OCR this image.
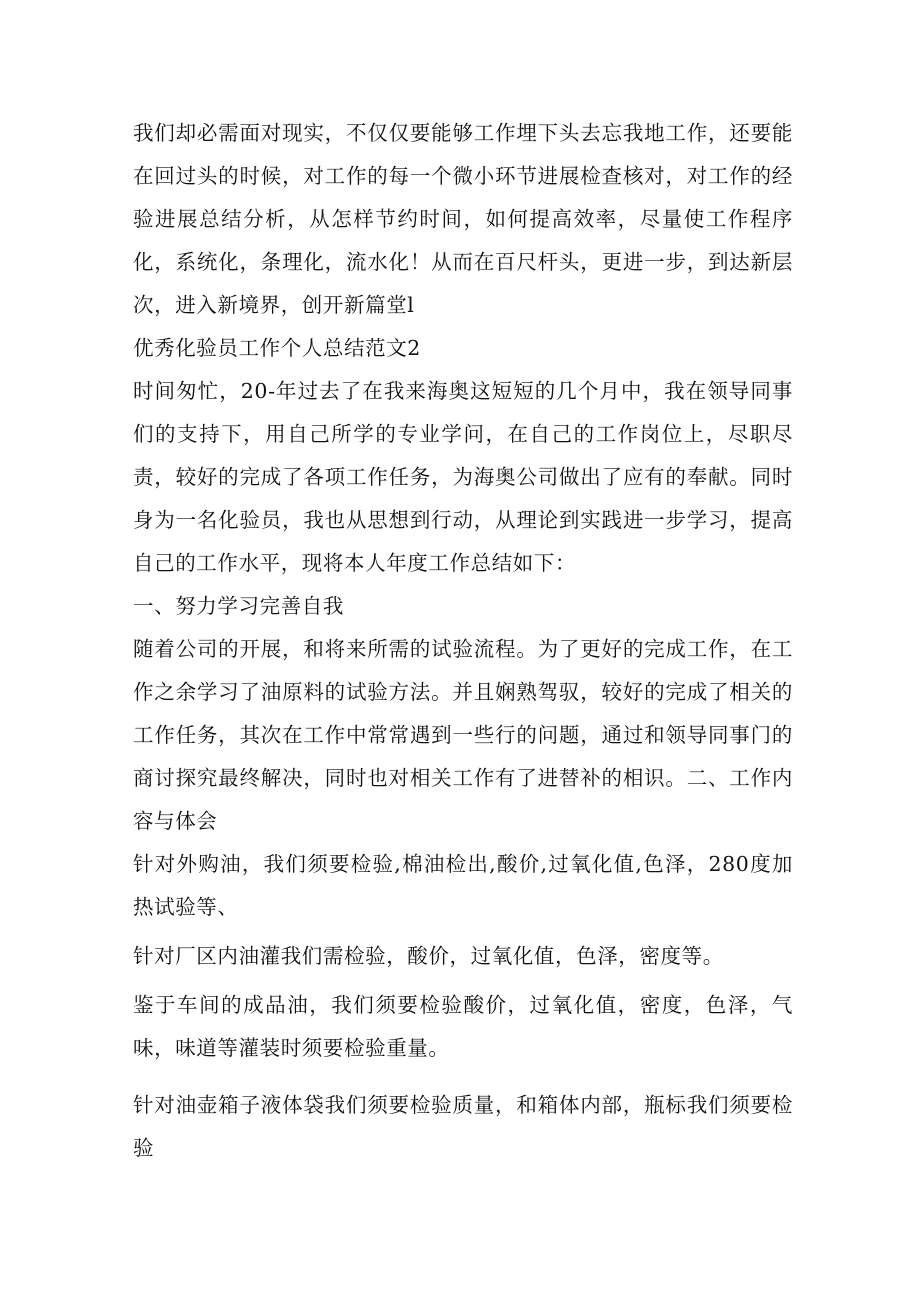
我们却必需面对现实，不仅仅要能够工作埋下头去忘我地工作，还要能在回过头的时候，对工作的每一个微小环节进展检查核对，对工作的经验进展总结分析，从怎样节约时间，如何提高效率，尽量使工作程序化，系统化，条理化，流水化！从而在百尺杆头，更进一步，到达新层次，进入新境界，创开新篇堂l

优秀化验员工作个人总结范文2

时间匆忙，20-年过去了在我来海奥这短短的几个月中，我在领导同事们的支持下，用自己所学的专业学问，在自己的工作岗位上，尽职尽责，较好的完成了各项工作任务，为海奥公司做出了应有的奉献。同时身为一名化验员，我也从思想到行动，从理论到实践进一步学习，提高自己的工作水平，现将本人年度工作总结如下：

一、努力学习完善自我

随着公司的开展，和将来所需的试验流程。为了更好的完成工作，在工作之余学习了油原料的试验方法。并且娴熟驾驭，较好的完成了相关的工作任务，其次在工作中常常遇到一些行的问题，通过和领导同事门的商讨探究最终解决，同时也对相关工作有了进替补的相识。二、工作内容与体会

针对外购油，我们须要检验,棉油检出,酸价,过氧化值,色泽，280度加热试验等、

针对厂区内油灌我们需检验，酸价，过氧化值，色泽，密度等。

鉴于车间的成品油，我们须要检验酸价，过氧化值，密度，色泽，气味，味道等灌装时须要检验重量。

针对油壶箱子液体袋我们须要检验质量，和箱体内部，瓶标我们须要检验
